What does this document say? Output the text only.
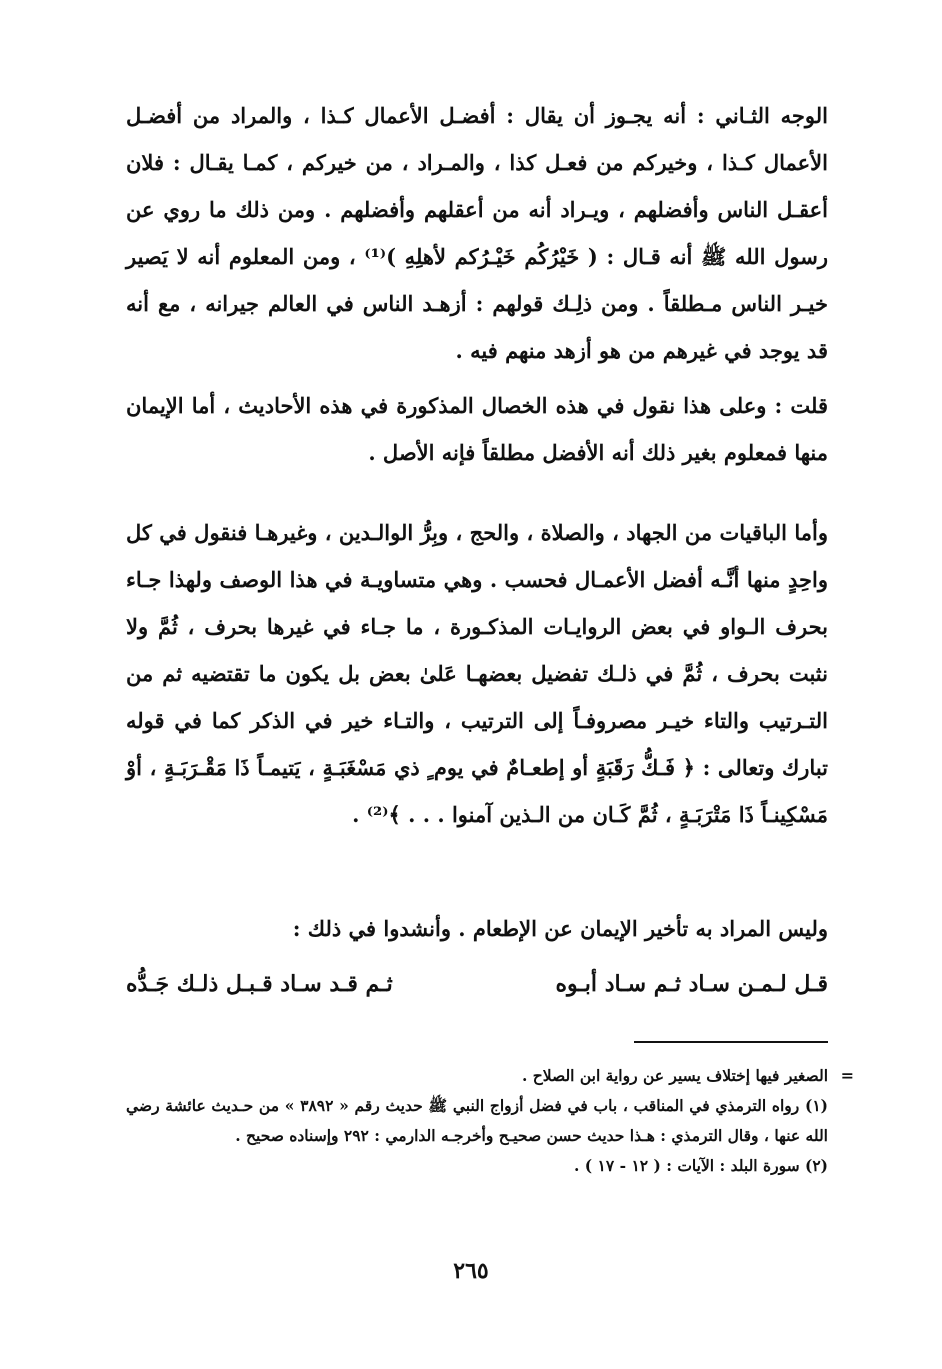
الوجه الثـاني : أنه يجـوز أن يقال : أفضـل الأعمال كـذا ، والمراد من أفضـل الأعمال كـذا ، وخيركم من فعـل كذا ، والمـراد ، من خيركم ، كمـا يقـال : فلان أعقـل الناس وأفضلهم ، ويـراد أنه من أعقلهم وأفضلهم . ومن ذلك ما روي عن رسول الله ﷺ أنه قـال : ( خَيْرُكُم خَيْـرُكم لأهلِهِ )⁽¹⁾ ، ومن المعلوم أنه لا يَصير خيـر الناس مـطلقاً . ومن ذلِـك قولهم : أزهـد الناس في العالم جيرانه ، مع أنه قد يوجد في غيرهم من هو أزهد منهم فيه .

قلت : وعلى هذا نقول في هذه الخصال المذكورة في هذه الأحاديث ، أما الإيمان منها فمعلوم بغير ذلك أنه الأفضل مطلقاً فإنه الأصل .

وأما الباقيات من الجهاد ، والصلاة ، والحج ، وبِرُّ الوالـدين ، وغيرهـا فنقول في كل واحِدٍ منها أنَّـه أفضل الأعمـال فحسب . وهي متساويـة في هذا الوصف ولهذا جـاء بحرف الـواو في بعض الروايـات المذكـورة ، ما جـاء في غيرها بحرف ، ثُمَّ ولا نثبت بحرف ، ثُمَّ في ذلـك تفضيل بعضهـا عَلىٰ بعض بل يكون ما تقتضيه ثم من التـرتيب والتاء خيـر مصروفـاً إلى الترتيب ، والتـاء خير في الذكر كما في قوله تبارك وتعالى : ﴿ فَـكُّ رَقَبَةٍ أو إطعـامٌ في يوم ٍ ذي مَسْغَبَـةٍ ، يَتيمـاً ذَا مَقْـرَبَـةٍ ، أوْ مَسْكِينـاً ذَا مَتْرَبَـةٍ ، ثُمَّ كَـان من الـذين آمنوا . . . ﴾⁽²⁾ .

وليس المراد به تأخير الإيمان عن الإطعام . وأنشدوا في ذلك :

قـل لـمـن سـاد ثـم سـاد أبـوه
ثـم قـد سـاد قـبـل ذلـك جَـدُّه
=

الصغير فيها إختلاف يسير عن رواية ابن الصلاح .

(١) رواه الترمذي في المناقب ، باب في فضل أزواج النبي ﷺ حديث رقم « ٣٨٩٢ » من حـديث عائشة رضي الله عنها ، وقال الترمذي : هـذا حديث حسن صحيـح وأخرجـه الدارمي : ٢٩٢ وإسناده صحيح .

(٢) سورة البلد : الآيات : ( ١٢ - ١٧ ) .

٢٦٥
